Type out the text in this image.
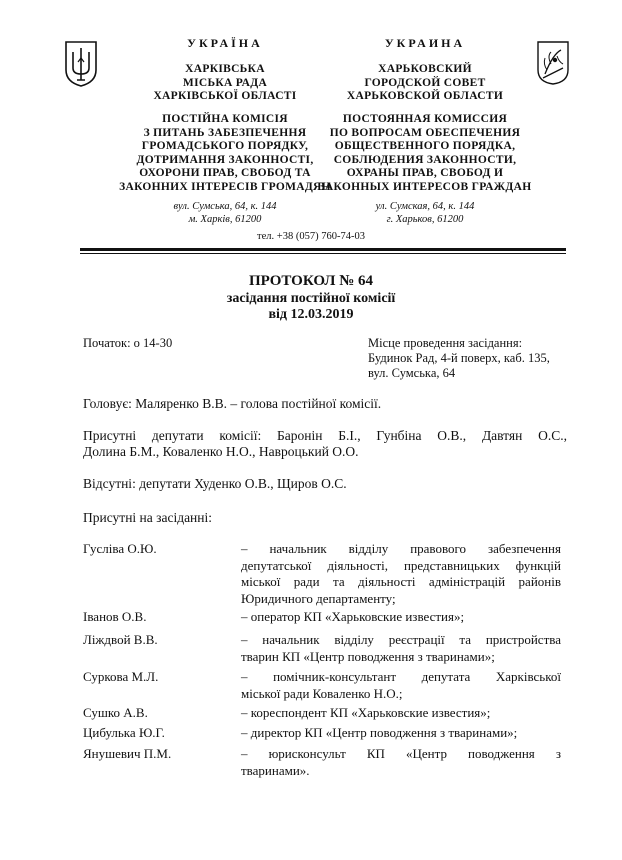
УКРАЇНА
ХАРКІВСЬКА
МІСЬКА РАДА
ХАРКІВСЬКОЇ ОБЛАСТІ
ПОСТІЙНА КОМІСІЯ
З ПИТАНЬ ЗАБЕЗПЕЧЕННЯ
ГРОМАДСЬКОГО ПОРЯДКУ,
ДОТРИМАННЯ ЗАКОННОСТІ,
ОХОРОНИ ПРАВ, СВОБОД ТА
ЗАКОННИХ ІНТЕРЕСІВ ГРОМАДЯН
вул. Сумська, 64, к. 144
м. Харків, 61200
УКРАИНА
ХАРЬКОВСКИЙ
ГОРОДСКОЙ СОВЕТ
ХАРЬКОВСКОЙ ОБЛАСТИ
ПОСТОЯННАЯ КОМИССИЯ
ПО ВОПРОСАМ ОБЕСПЕЧЕНИЯ
ОБЩЕСТВЕННОГО ПОРЯДКА,
СОБЛЮДЕНИЯ ЗАКОННОСТИ,
ОХРАНЫ ПРАВ, СВОБОД И
ЗАКОННЫХ ИНТЕРЕСОВ ГРАЖДАН
ул. Сумская, 64, к. 144
г. Харьков, 61200
тел. +38 (057) 760-74-03
ПРОТОКОЛ № 64
засідання постійної комісії
від 12.03.2019
Початок: о 14-30	Місце проведення засідання:
Будинок Рад, 4-й поверх, каб. 135,
вул. Сумська, 64
Головує: Маляренко В.В. – голова постійної комісії.
Присутні депутати комісії: Баронін Б.І., Гунбіна О.В., Давтян О.С.,
Долина Б.М., Коваленко Н.О., Навроцький О.О.
Відсутні: депутати Худенко О.В., Щиров О.С.
Присутні на засіданні:
Гусліва О.Ю.	– начальник відділу правового забезпечення
депутатської діяльності, представницьких функцій
міської ради та діяльності адміністрацій районів
Юридичного департаменту;
Іванов О.В.	– оператор КП «Харьковские известия»;
Ліждвой В.В.	– начальник відділу реєстрації та пристройства
тварин КП «Центр поводження з тваринами»;
Суркова М.Л.	– помічник-консультант депутата Харківської
міської ради Коваленко Н.О.;
Сушко А.В.	– кореспондент КП «Харьковские известия»;
Цибулька Ю.Г.	– директор КП «Центр поводження з тваринами»;
Янушевич П.М.	– юрисконсульт КП «Центр поводження з
тваринами».
